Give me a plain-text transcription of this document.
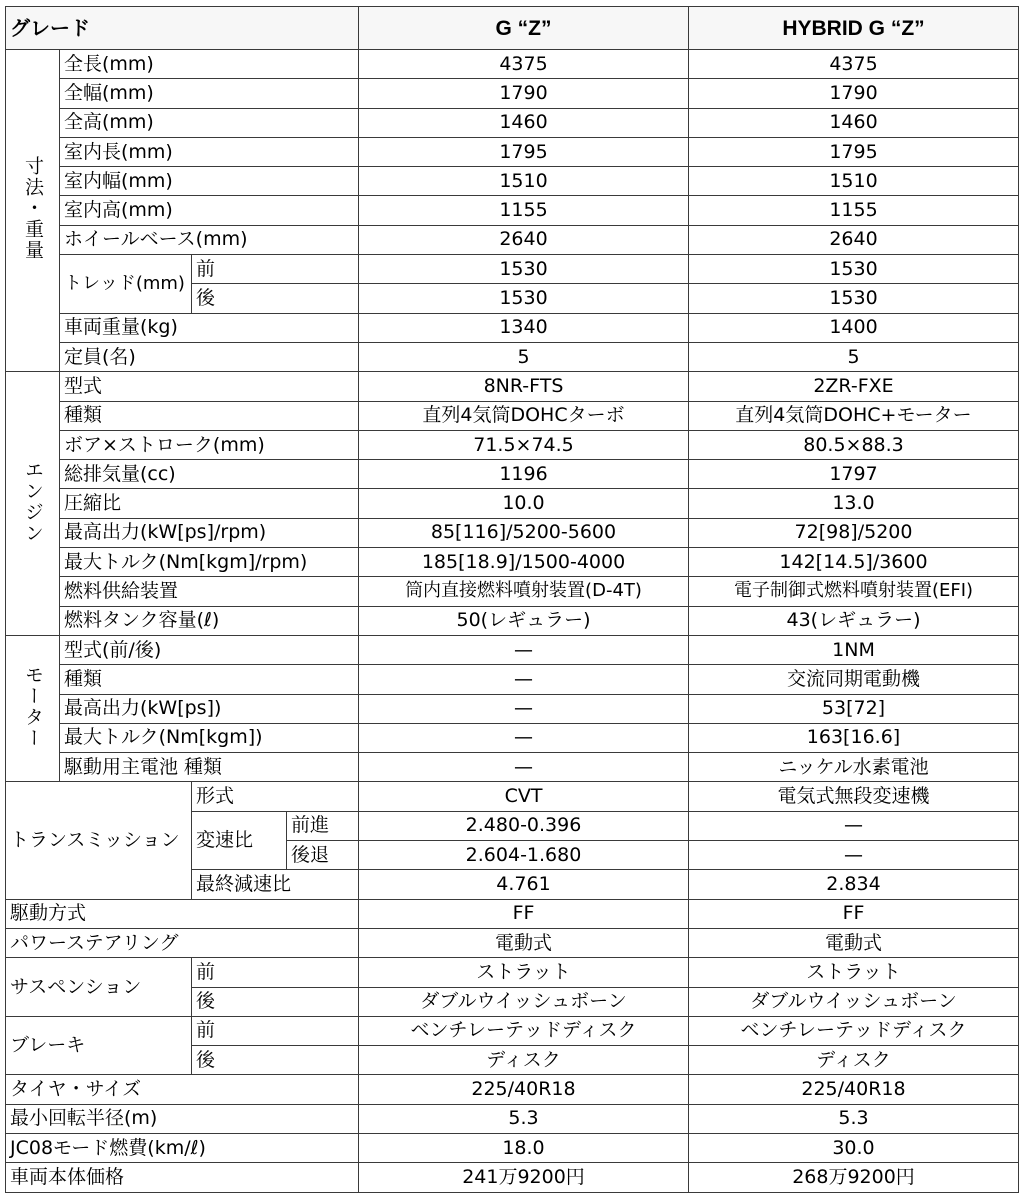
グレード				G “Z”	HYBRID G “Z”
寸法・重量	全長(mm)			4375	4375
	全幅(mm)			1790	1790
	全高(mm)			1460	1460
	室内長(mm)			1795	1795
	室内幅(mm)			1510	1510
	室内高(mm)			1155	1155
	ホイールベース(mm)			2640	2640
	トレッド(mm)	前		1530	1530
		後		1530	1530
	車両重量(kg)			1340	1400
	定員(名)			5	5
エンジン	型式			8NR-FTS	2ZR-FXE
	種類			直列4気筒DOHCターボ	直列4気筒DOHC+モーター
	ボア×ストローク(mm)			71.5×74.5	80.5×88.3
	総排気量(cc)			1196	1797
	圧縮比			10.0	13.0
	最高出力(kW[ps]/rpm)			85[116]/5200-5600	72[98]/5200
	最大トルク(Nm[kgm]/rpm)			185[18.9]/1500-4000	142[14.5]/3600
	燃料供給装置			筒内直接燃料噴射装置(D-4T)	電子制御式燃料噴射装置(EFI)
	燃料タンク容量(ℓ)			50(レギュラー)	43(レギュラー)
モーター	型式(前/後)			—	1NM
	種類			—	交流同期電動機
	最高出力(kW[ps])			—	53[72]
	最大トルク(Nm[kgm])			—	163[16.6]
	駆動用主電池 種類			—	ニッケル水素電池
トランスミッション		形式		CVT	電気式無段変速機
		変速比	前進	2.480-0.396	—
			後退	2.604-1.680	—
		最終減速比		4.761	2.834
駆動方式				FF	FF
パワーステアリング				電動式	電動式
サスペンション		前		ストラット	ストラット
		後		ダブルウイッシュボーン	ダブルウイッシュボーン
ブレーキ		前		ベンチレーテッドディスク	ベンチレーテッドディスク
		後		ディスク	ディスク
タイヤ・サイズ				225/40R18	225/40R18
最小回転半径(m)				5.3	5.3
JC08モード燃費(km/ℓ)				18.0	30.0
車両本体価格				241万9200円	268万9200円
